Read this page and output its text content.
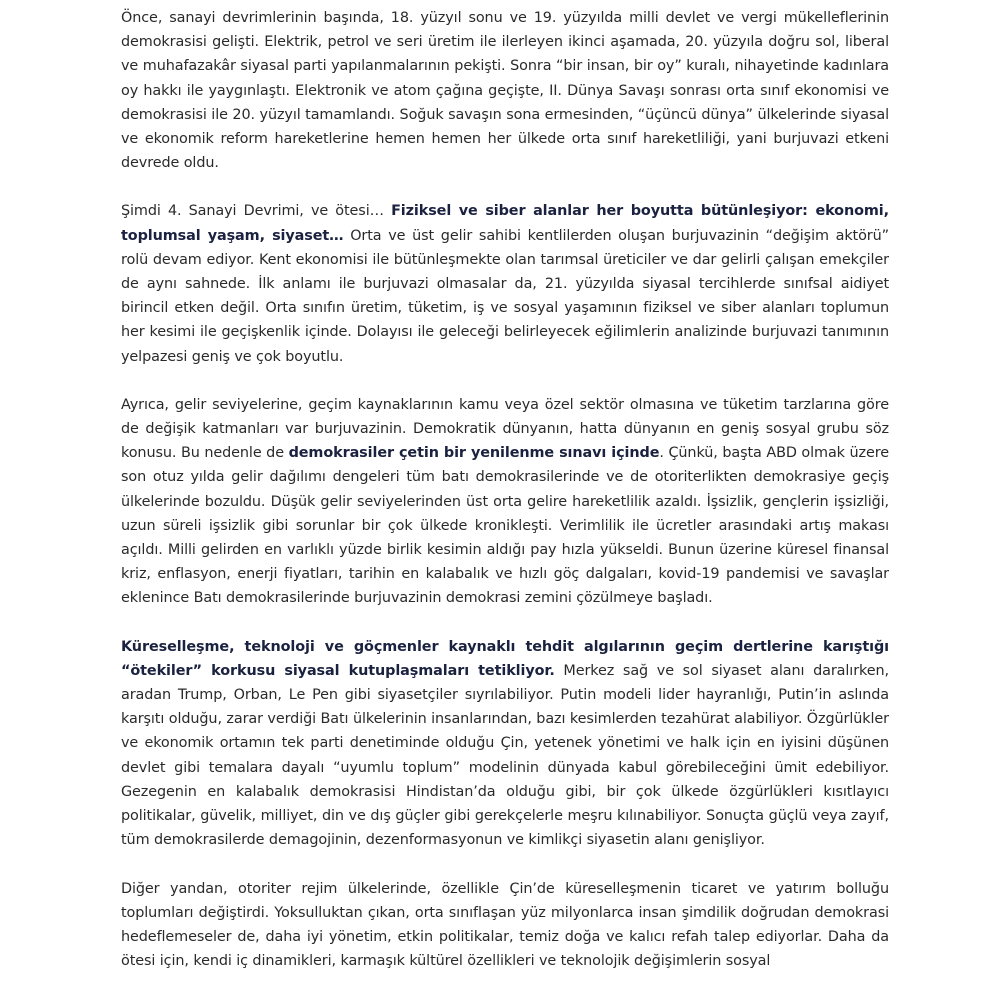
Önce, sanayi devrimlerinin başında, 18. yüzyıl sonu ve 19. yüzyılda milli devlet ve vergi mükelleflerinin demokrasisi gelişti. Elektrik, petrol ve seri üretim ile ilerleyen ikinci aşamada, 20. yüzyıla doğru sol, liberal ve muhafazakâr siyasal parti yapılanmalarının pekişti. Sonra “bir insan, bir oy” kuralı, nihayetinde kadınlara oy hakkı ile yaygınlaştı. Elektronik ve atom çağına geçişte, II. Dünya Savaşı sonrası orta sınıf ekonomisi ve demokrasisi ile 20. yüzyıl tamamlandı. Soğuk savaşın sona ermesinden, “üçüncü dünya” ülkelerinde siyasal ve ekonomik reform hareketlerine hemen hemen her ülkede orta sınıf hareketliliği, yani burjuvazi etkeni devrede oldu.

Şimdi 4. Sanayi Devrimi, ve ötesi… Fiziksel ve siber alanlar her boyutta bütünleşiyor: ekonomi, toplumsal yaşam, siyaset… Orta ve üst gelir sahibi kentlilerden oluşan burjuvazinin “değişim aktörü” rolü devam ediyor. Kent ekonomisi ile bütünleşmekte olan tarımsal üreticiler ve dar gelirli çalışan emekçiler de aynı sahnede. İlk anlamı ile burjuvazi olmasalar da, 21. yüzyılda siyasal tercihlerde sınıfsal aidiyet birincil etken değil. Orta sınıfın üretim, tüketim, iş ve sosyal yaşamının fiziksel ve siber alanları toplumun her kesimi ile geçişkenlik içinde. Dolayısı ile geleceği belirleyecek eğilimlerin analizinde burjuvazi tanımının yelpazesi geniş ve çok boyutlu.

Ayrıca, gelir seviyelerine, geçim kaynaklarının kamu veya özel sektör olmasına ve tüketim tarzlarına göre de değişik katmanları var burjuvazinin. Demokratik dünyanın, hatta dünyanın en geniş sosyal grubu söz konusu. Bu nedenle de demokrasiler çetin bir yenilenme sınavı içinde. Çünkü, başta ABD olmak üzere son otuz yılda gelir dağılımı dengeleri tüm batı demokrasilerinde ve de otoriterlikten demokrasiye geçiş ülkelerinde bozuldu. Düşük gelir seviyelerinden üst orta gelire hareketlilik azaldı. İşsizlik, gençlerin işsizliği, uzun süreli işsizlik gibi sorunlar bir çok ülkede kronikleşti. Verimlilik ile ücretler arasındaki artış makası açıldı. Milli gelirden en varlıklı yüzde birlik kesimin aldığı pay hızla yükseldi. Bunun üzerine küresel finansal kriz, enflasyon, enerji fiyatları, tarihin en kalabalık ve hızlı göç dalgaları, kovid-19 pandemisi ve savaşlar eklenince Batı demokrasilerinde burjuvazinin demokrasi zemini çözülmeye başladı.

Küreselleşme, teknoloji ve göçmenler kaynaklı tehdit algılarının geçim dertlerine karıştığı “ötekiler” korkusu siyasal kutuplaşmaları tetikliyor. Merkez sağ ve sol siyaset alanı daralırken, aradan Trump, Orban, Le Pen gibi siyasetçiler sıyrılabiliyor. Putin modeli lider hayranlığı, Putin’in aslında karşıtı olduğu, zarar verdiği Batı ülkelerinin insanlarından, bazı kesimlerden tezahürat alabiliyor. Özgürlükler ve ekonomik ortamın tek parti denetiminde olduğu Çin, yetenek yönetimi ve halk için en iyisini düşünen devlet gibi temalara dayalı “uyumlu toplum” modelinin dünyada kabul görebileceğini ümit edebiliyor. Gezegenin en kalabalık demokrasisi Hindistan’da olduğu gibi, bir çok ülkede özgürlükleri kısıtlayıcı politikalar, güvelik, milliyet, din ve dış güçler gibi gerekçelerle meşru kılınabiliyor. Sonuçta güçlü veya zayıf, tüm demokrasilerde demagojinin, dezenformasyonun ve kimlikçi siyasetin alanı genişliyor.

Diğer yandan, otoriter rejim ülkelerinde, özellikle Çin’de küreselleşmenin ticaret ve yatırım bolluğu toplumları değiştirdi. Yoksulluktan çıkan, orta sınıflaşan yüz milyonlarca insan şimdilik doğrudan demokrasi hedeflemeseler de, daha iyi yönetim, etkin politikalar, temiz doğa ve kalıcı refah talep ediyorlar. Daha da ötesi için, kendi iç dinamikleri, karmaşık kültürel özellikleri ve teknolojik değişimlerin sosyal
